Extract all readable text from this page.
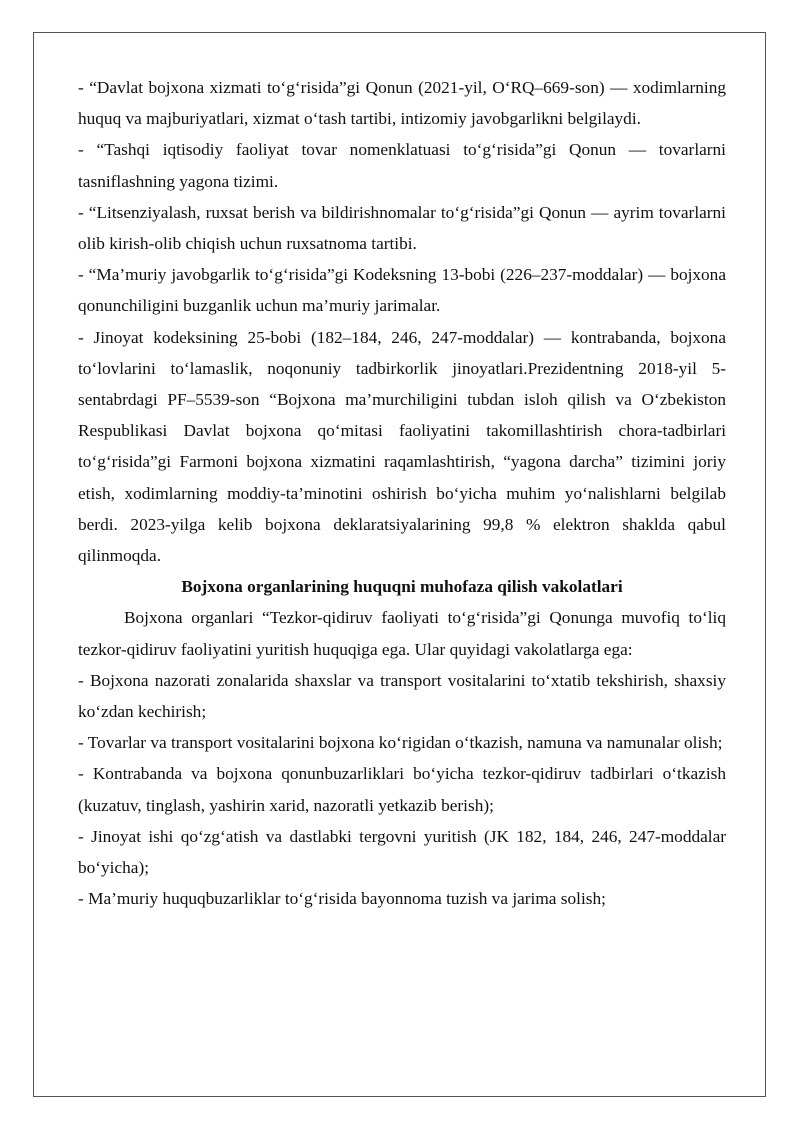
- “Davlat bojxona xizmati to‘g‘risida”gi Qonun (2021-yil, O‘RQ–669-son) — xodimlarning huquq va majburiyatlari, xizmat o‘tash tartibi, intizomiy javobgarlikni belgilaydi.

- “Tashqi iqtisodiy faoliyat tovar nomenklatuasi to‘g‘risida”gi Qonun — tovarlarni tasniflashning yagona tizimi.

- “Litsenziyalash, ruxsat berish va bildirishnomalar to‘g‘risida”gi Qonun — ayrim tovarlarni olib kirish-olib chiqish uchun ruxsatnoma tartibi.

- “Ma’muriy javobgarlik to‘g‘risida”gi Kodeksning 13-bobi (226–237-moddalar) — bojxona qonunchiligini buzganlik uchun ma’muriy jarimalar.

- Jinoyat kodeksining 25-bobi (182–184, 246, 247-moddalar) — kontrabanda, bojxona to‘lovlarini to‘lamaslik, noqonuniy tadbirkorlik jinoyatlari.Prezidentning 2018-yil 5-sentabrdagi PF–5539-son “Bojxona ma’murchiligini tubdan isloh qilish va O‘zbekiston Respublikasi Davlat bojxona qo‘mitasi faoliyatini takomillashtirish chora-tadbirlari to‘g‘risida”gi Farmoni bojxona xizmatini raqamlashtirish, “yagona darcha” tizimini joriy etish, xodimlarning moddiy-ta’minotini oshirish bo‘yicha muhim yo‘nalishlarni belgilab berdi. 2023-yilga kelib bojxona deklaratsiyalarining 99,8 % elektron shaklda qabul qilinmoqda.

Bojxona organlarining huquqni muhofaza qilish vakolatlari

Bojxona organlari “Tezkor-qidiruv faoliyati to‘g‘risida”gi Qonunga muvofiq to‘liq tezkor-qidiruv faoliyatini yuritish huquqiga ega. Ular quyidagi vakolatlarga ega:

- Bojxona nazorati zonalarida shaxslar va transport vositalarini to‘xtatib tekshirish, shaxsiy ko‘zdan kechirish;

- Tovarlar va transport vositalarini bojxona ko‘rigidan o‘tkazish, namuna va namunalar olish;

- Kontrabanda va bojxona qonunbuzarliklari bo‘yicha tezkor-qidiruv tadbirlari o‘tkazish (kuzatuv, tinglash, yashirin xarid, nazoratli yetkazib berish);

- Jinoyat ishi qo‘zg‘atish va dastlabki tergovni yuritish (JK 182, 184, 246, 247-moddalar bo‘yicha);

- Ma’muriy huquqbuzarliklar to‘g‘risida bayonnoma tuzish va jarima solish;
